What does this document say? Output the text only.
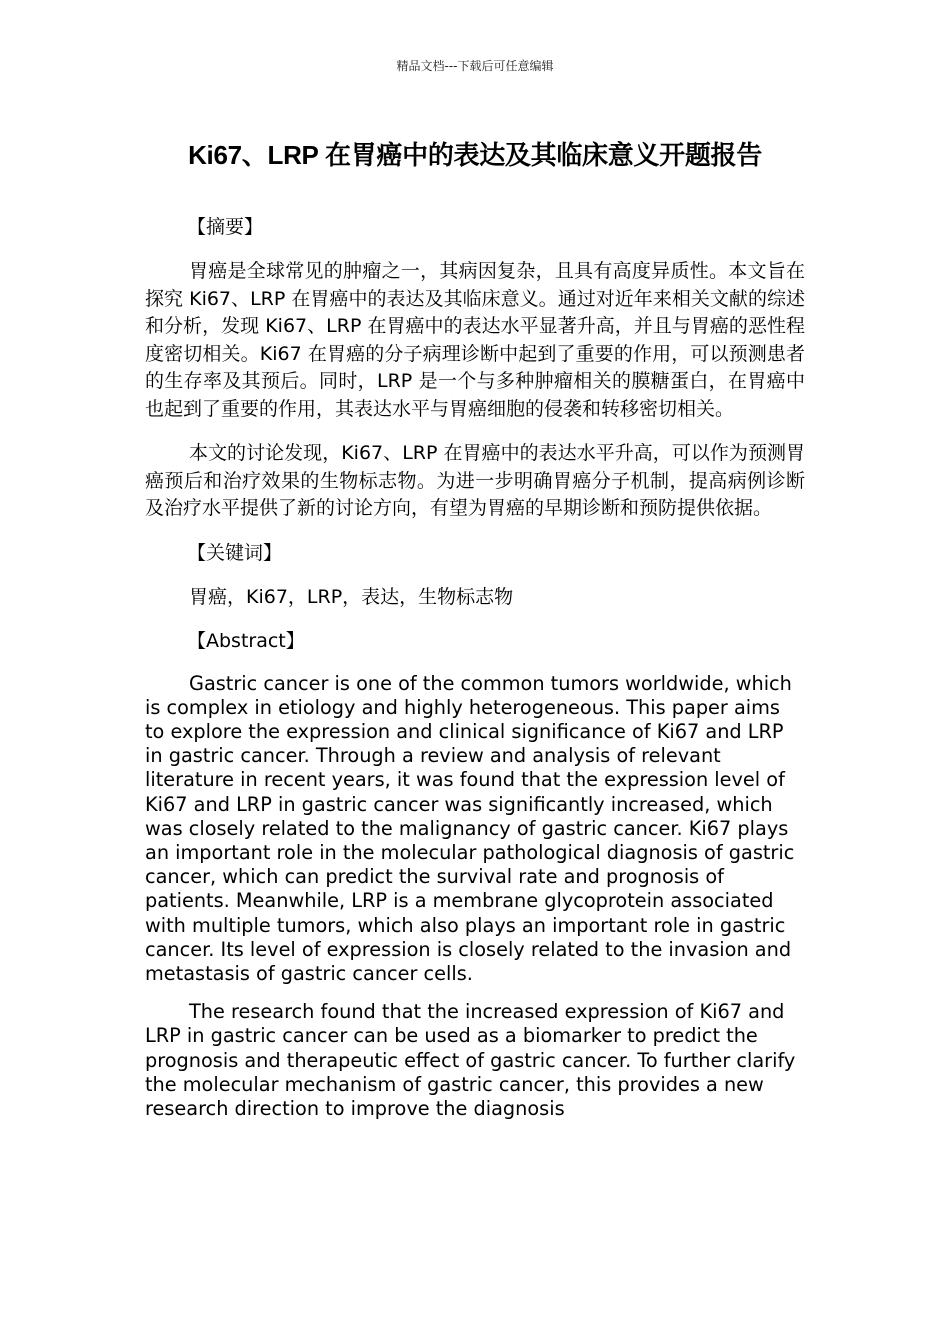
精品文档---下载后可任意编辑
Ki67、LRP 在胃癌中的表达及其临床意义开题报告

【摘要】

胃癌是全球常见的肿瘤之一，其病因复杂，且具有高度异质性。本文旨在探究 Ki67、LRP 在胃癌中的表达及其临床意义。通过对近年来相关文献的综述和分析，发现 Ki67、LRP 在胃癌中的表达水平显著升高，并且与胃癌的恶性程度密切相关。Ki67 在胃癌的分子病理诊断中起到了重要的作用，可以预测患者的生存率及其预后。同时，LRP 是一个与多种肿瘤相关的膜糖蛋白，在胃癌中也起到了重要的作用，其表达水平与胃癌细胞的侵袭和转移密切相关。

本文的讨论发现，Ki67、LRP 在胃癌中的表达水平升高，可以作为预测胃癌预后和治疗效果的生物标志物。为进一步明确胃癌分子机制，提高病例诊断及治疗水平提供了新的讨论方向，有望为胃癌的早期诊断和预防提供依据。

【关键词】

胃癌，Ki67，LRP，表达，生物标志物

【Abstract】

Gastric cancer is one of the common tumors worldwide, which is complex in etiology and highly heterogeneous. This paper aims to explore the expression and clinical significance of Ki67 and LRP in gastric cancer. Through a review and analysis of relevant literature in recent years, it was found that the expression level of Ki67 and LRP in gastric cancer was significantly increased, which was closely related to the malignancy of gastric cancer. Ki67 plays an important role in the molecular pathological diagnosis of gastric cancer, which can predict the survival rate and prognosis of patients. Meanwhile, LRP is a membrane glycoprotein associated with multiple tumors, which also plays an important role in gastric cancer. Its level of expression is closely related to the invasion and metastasis of gastric cancer cells.

The research found that the increased expression of Ki67 and LRP in gastric cancer can be used as a biomarker to predict the prognosis and therapeutic effect of gastric cancer. To further clarify the molecular mechanism of gastric cancer, this provides a new research direction to improve the diagnosis
